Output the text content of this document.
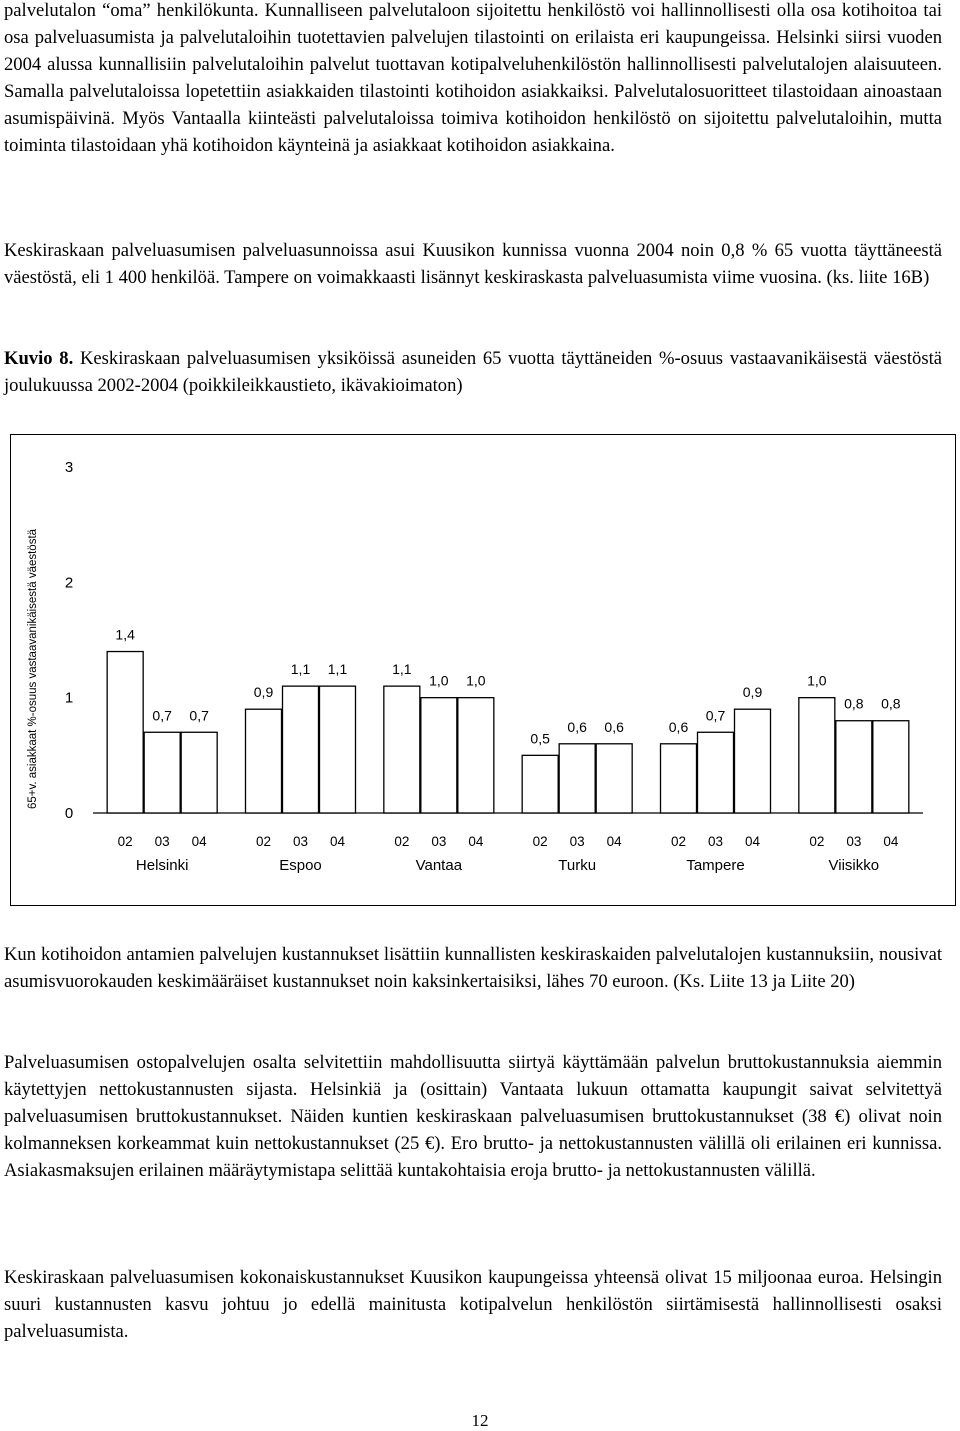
palvelutalon “oma” henkilökunta. Kunnalliseen palvelutaloon sijoitettu henkilöstö voi hallinnollisesti olla osa kotihoitoa tai osa palveluasumista ja palvelutaloihin tuotettavien palvelujen tilastointi on erilaista eri kaupungeissa. Helsinki siirsi vuoden 2004 alussa kunnallisiin palvelutaloihin palvelut tuottavan kotipalveluhenkilöstön hallinnollisesti palvelutalojen alaisuuteen. Samalla palvelutaloissa lopetettiin asiakkaiden tilastointi kotihoidon asiakkaiksi. Palvelutalosuoritteet tilastoidaan ainoastaan asumispäivinä. Myös Vantaalla kiinteästi palvelutaloissa toimiva kotihoidon henkilöstö on sijoitettu palvelutaloihin, mutta toiminta tilastoidaan yhä kotihoidon käynteinä ja asiakkaat kotihoidon asiakkaina.

Keskiraskaan palveluasumisen palveluasunnoissa asui Kuusikon kunnissa vuonna 2004 noin 0,8 % 65 vuotta täyttäneestä väestöstä, eli 1 400 henkilöä. Tampere on voimakkaasti lisännyt keskiraskasta palveluasumista viime vuosina. (ks. liite 16B)

Kuvio 8. Keskiraskaan palveluasumisen yksiköissä asuneiden 65 vuotta täyttäneiden %-osuus vastaavanikäisestä väestöstä joulukuussa 2002-2004 (poikkileikkaustieto, ikävakioimaton)

0
1
2
3
65+v. asiakkaat %-osuus vastaavanikäisestä väestöstä	1,4
02
0,7
03
0,7
04
Helsinki
0,9
02
1,1
03
1,1
04
Espoo
1,1
02
1,0
03
1,0
04
Vantaa
0,5
02
0,6
03
0,6
04
Turku
0,6
02
0,7
03
0,9
04
Tampere
1,0
02
0,8
03
0,8
04
Viisikko

Kun kotihoidon antamien palvelujen kustannukset lisättiin kunnallisten keskiraskaiden palvelutalojen kustannuksiin, nousivat asumisvuorokauden keskimääräiset kustannukset noin kaksinkertaisiksi, lähes 70 euroon. (Ks. Liite 13 ja Liite 20)

Palveluasumisen ostopalvelujen osalta selvitettiin mahdollisuutta siirtyä käyttämään palvelun bruttokustannuksia aiemmin käytettyjen nettokustannusten sijasta. Helsinkiä ja (osittain) Vantaata lukuun ottamatta kaupungit saivat selvitettyä palveluasumisen bruttokustannukset. Näiden kuntien keskiraskaan palveluasumisen bruttokustannukset (38 €) olivat noin kolmanneksen korkeammat kuin nettokustannukset (25 €). Ero brutto- ja nettokustannusten välillä oli erilainen eri kunnissa. Asiakasmaksujen erilainen määräytymistapa selittää kuntakohtaisia eroja brutto- ja nettokustannusten välillä.

Keskiraskaan palveluasumisen kokonaiskustannukset Kuusikon kaupungeissa yhteensä olivat 15 miljoonaa euroa. Helsingin suuri kustannusten kasvu johtuu jo edellä mainitusta kotipalvelun henkilöstön siirtämisestä hallinnollisesti osaksi palveluasumista.

12
